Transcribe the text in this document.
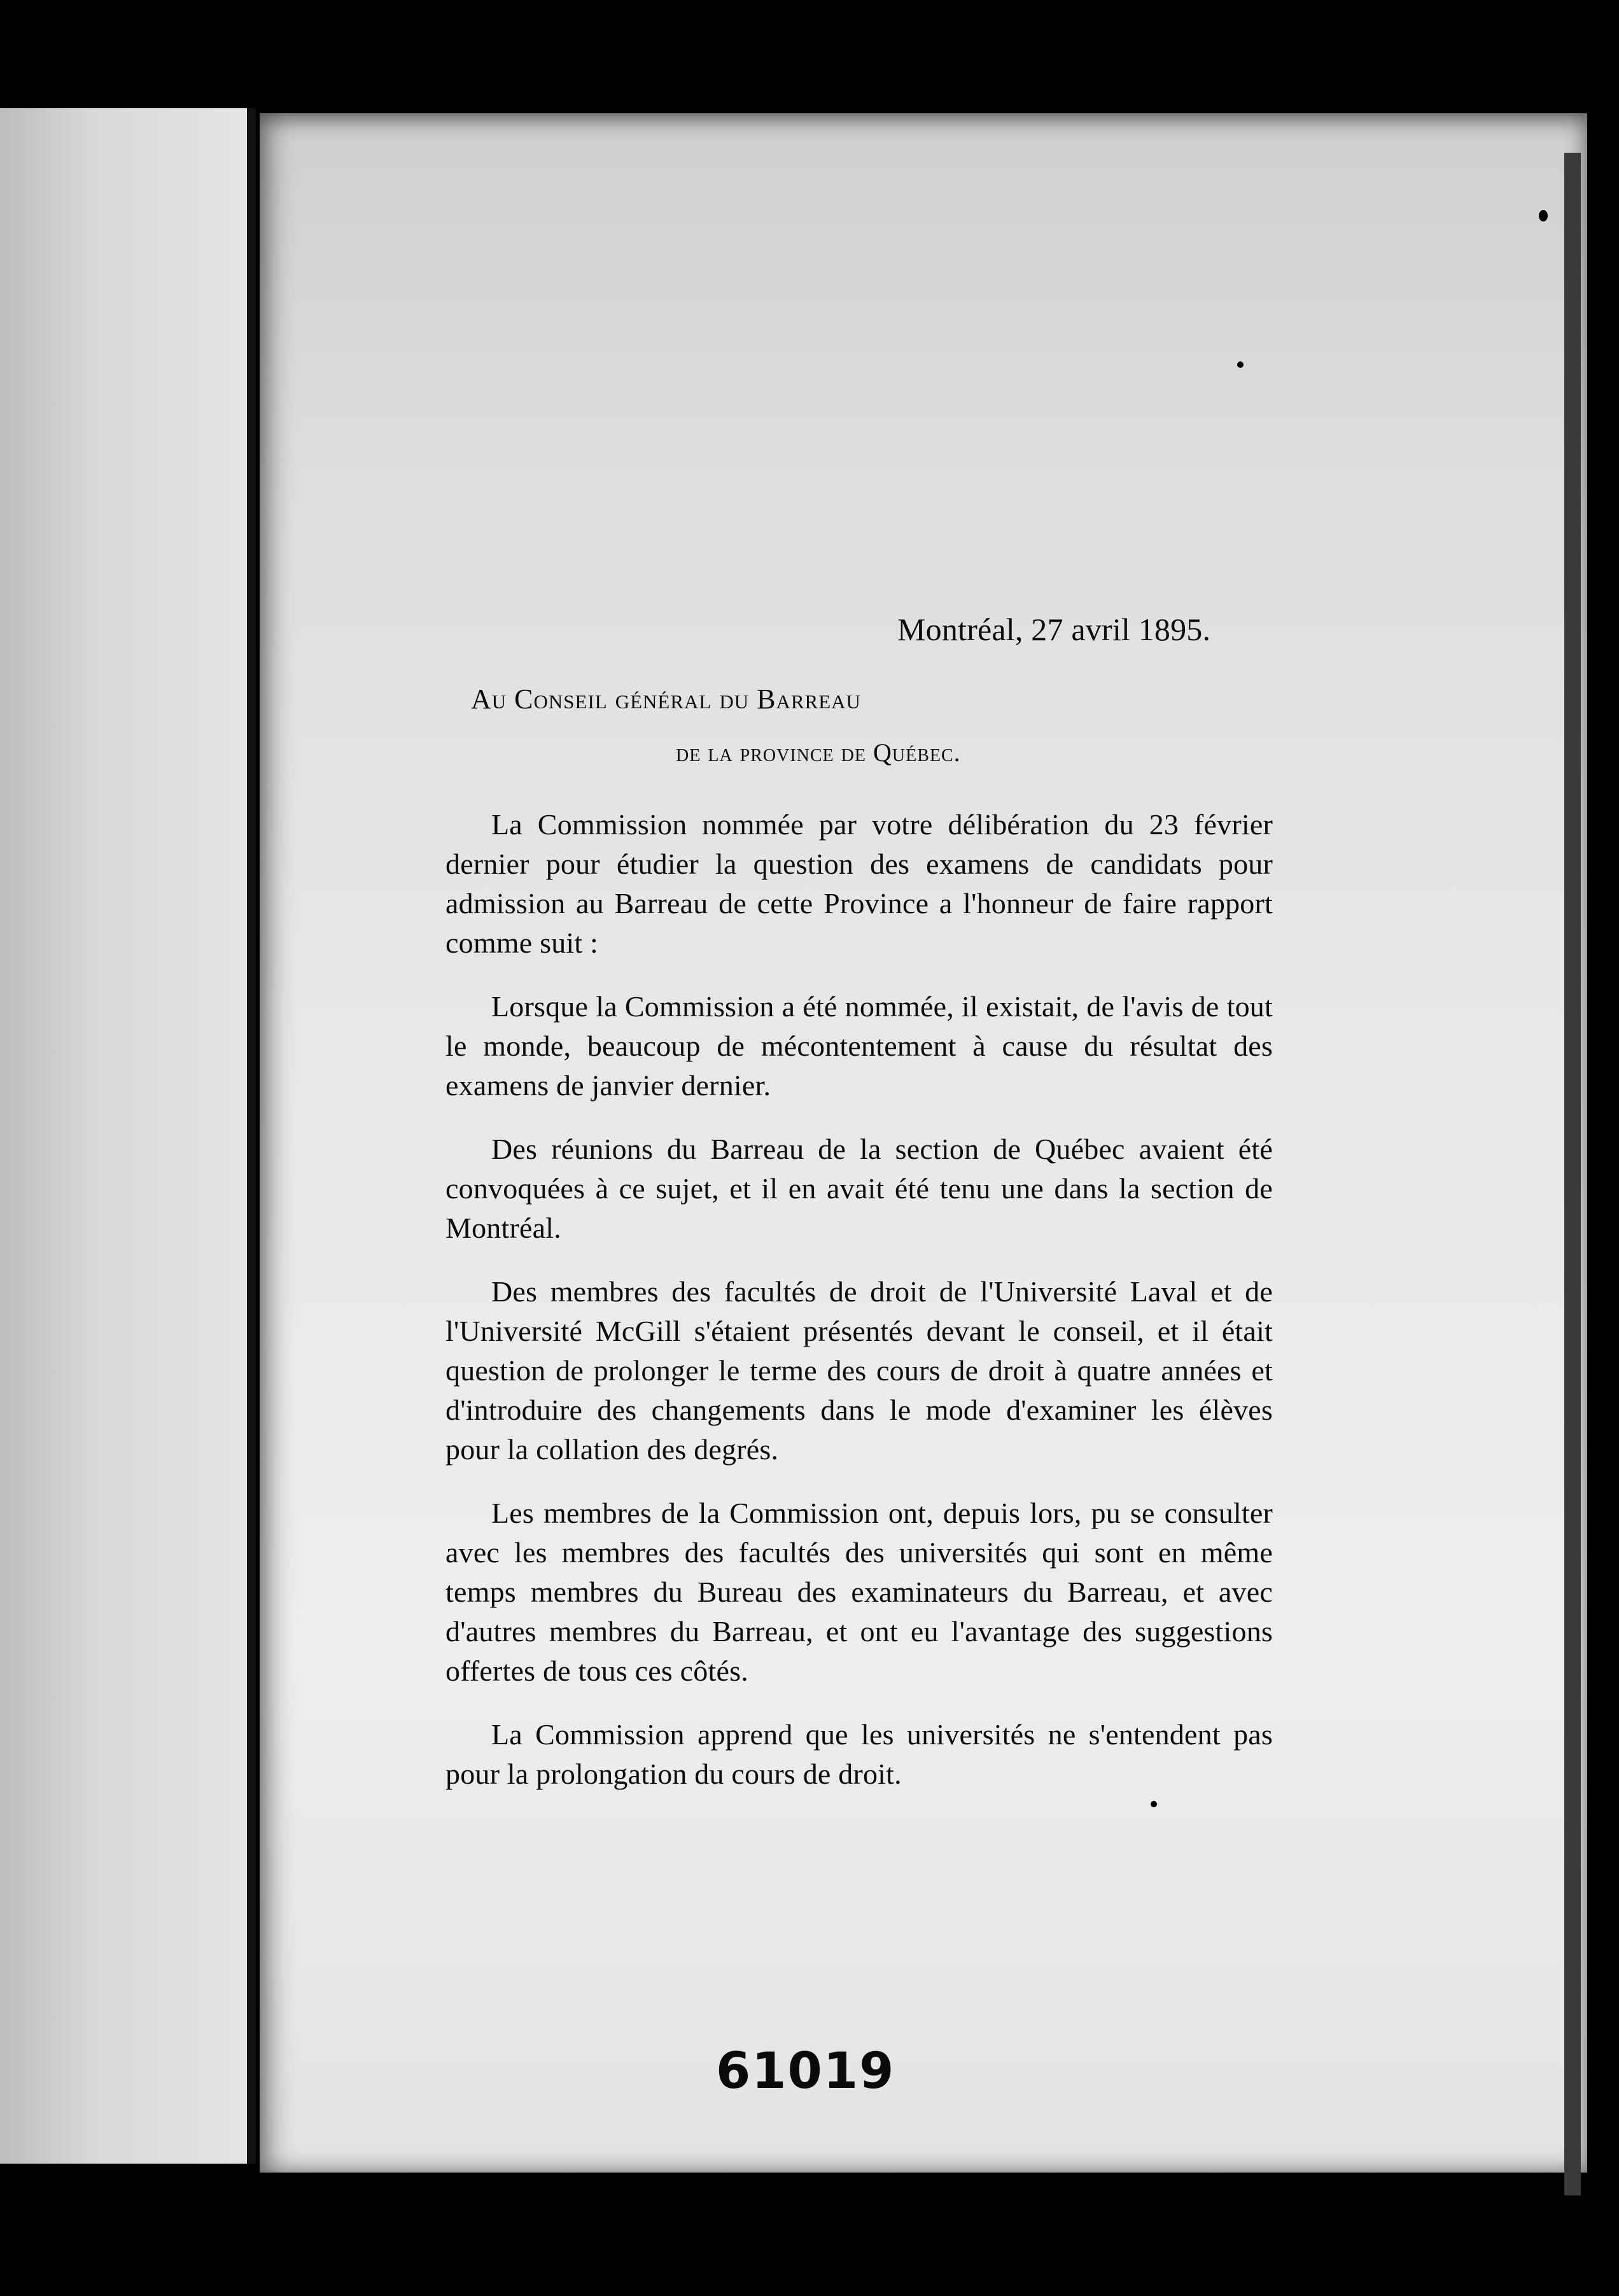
Montréal, 27 avril 1895.
Au Conseil général du Barreau
de la province de Québec.

La Commission nommée par votre délibération du 23 février dernier pour étudier la question des examens de candidats pour admission au Barreau de cette Province a l'honneur de faire rapport comme suit :

Lorsque la Commission a été nommée, il existait, de l'avis de tout le monde, beaucoup de mécontentement à cause du résultat des examens de janvier dernier.

Des réunions du Barreau de la section de Québec avaient été convoquées à ce sujet, et il en avait été tenu une dans la section de Montréal.

Des membres des facultés de droit de l'Université Laval et de l'Université McGill s'étaient présentés devant le conseil, et il était question de prolonger le terme des cours de droit à quatre années et d'introduire des changements dans le mode d'examiner les élèves pour la collation des degrés.

Les membres de la Commission ont, depuis lors, pu se consulter avec les membres des facultés des universités qui sont en même temps membres du Bureau des examinateurs du Barreau, et avec d'autres membres du Barreau, et ont eu l'avantage des suggestions offertes de tous ces côtés.

La Commission apprend que les universités ne s'entendent pas pour la prolongation du cours de droit.

61019
